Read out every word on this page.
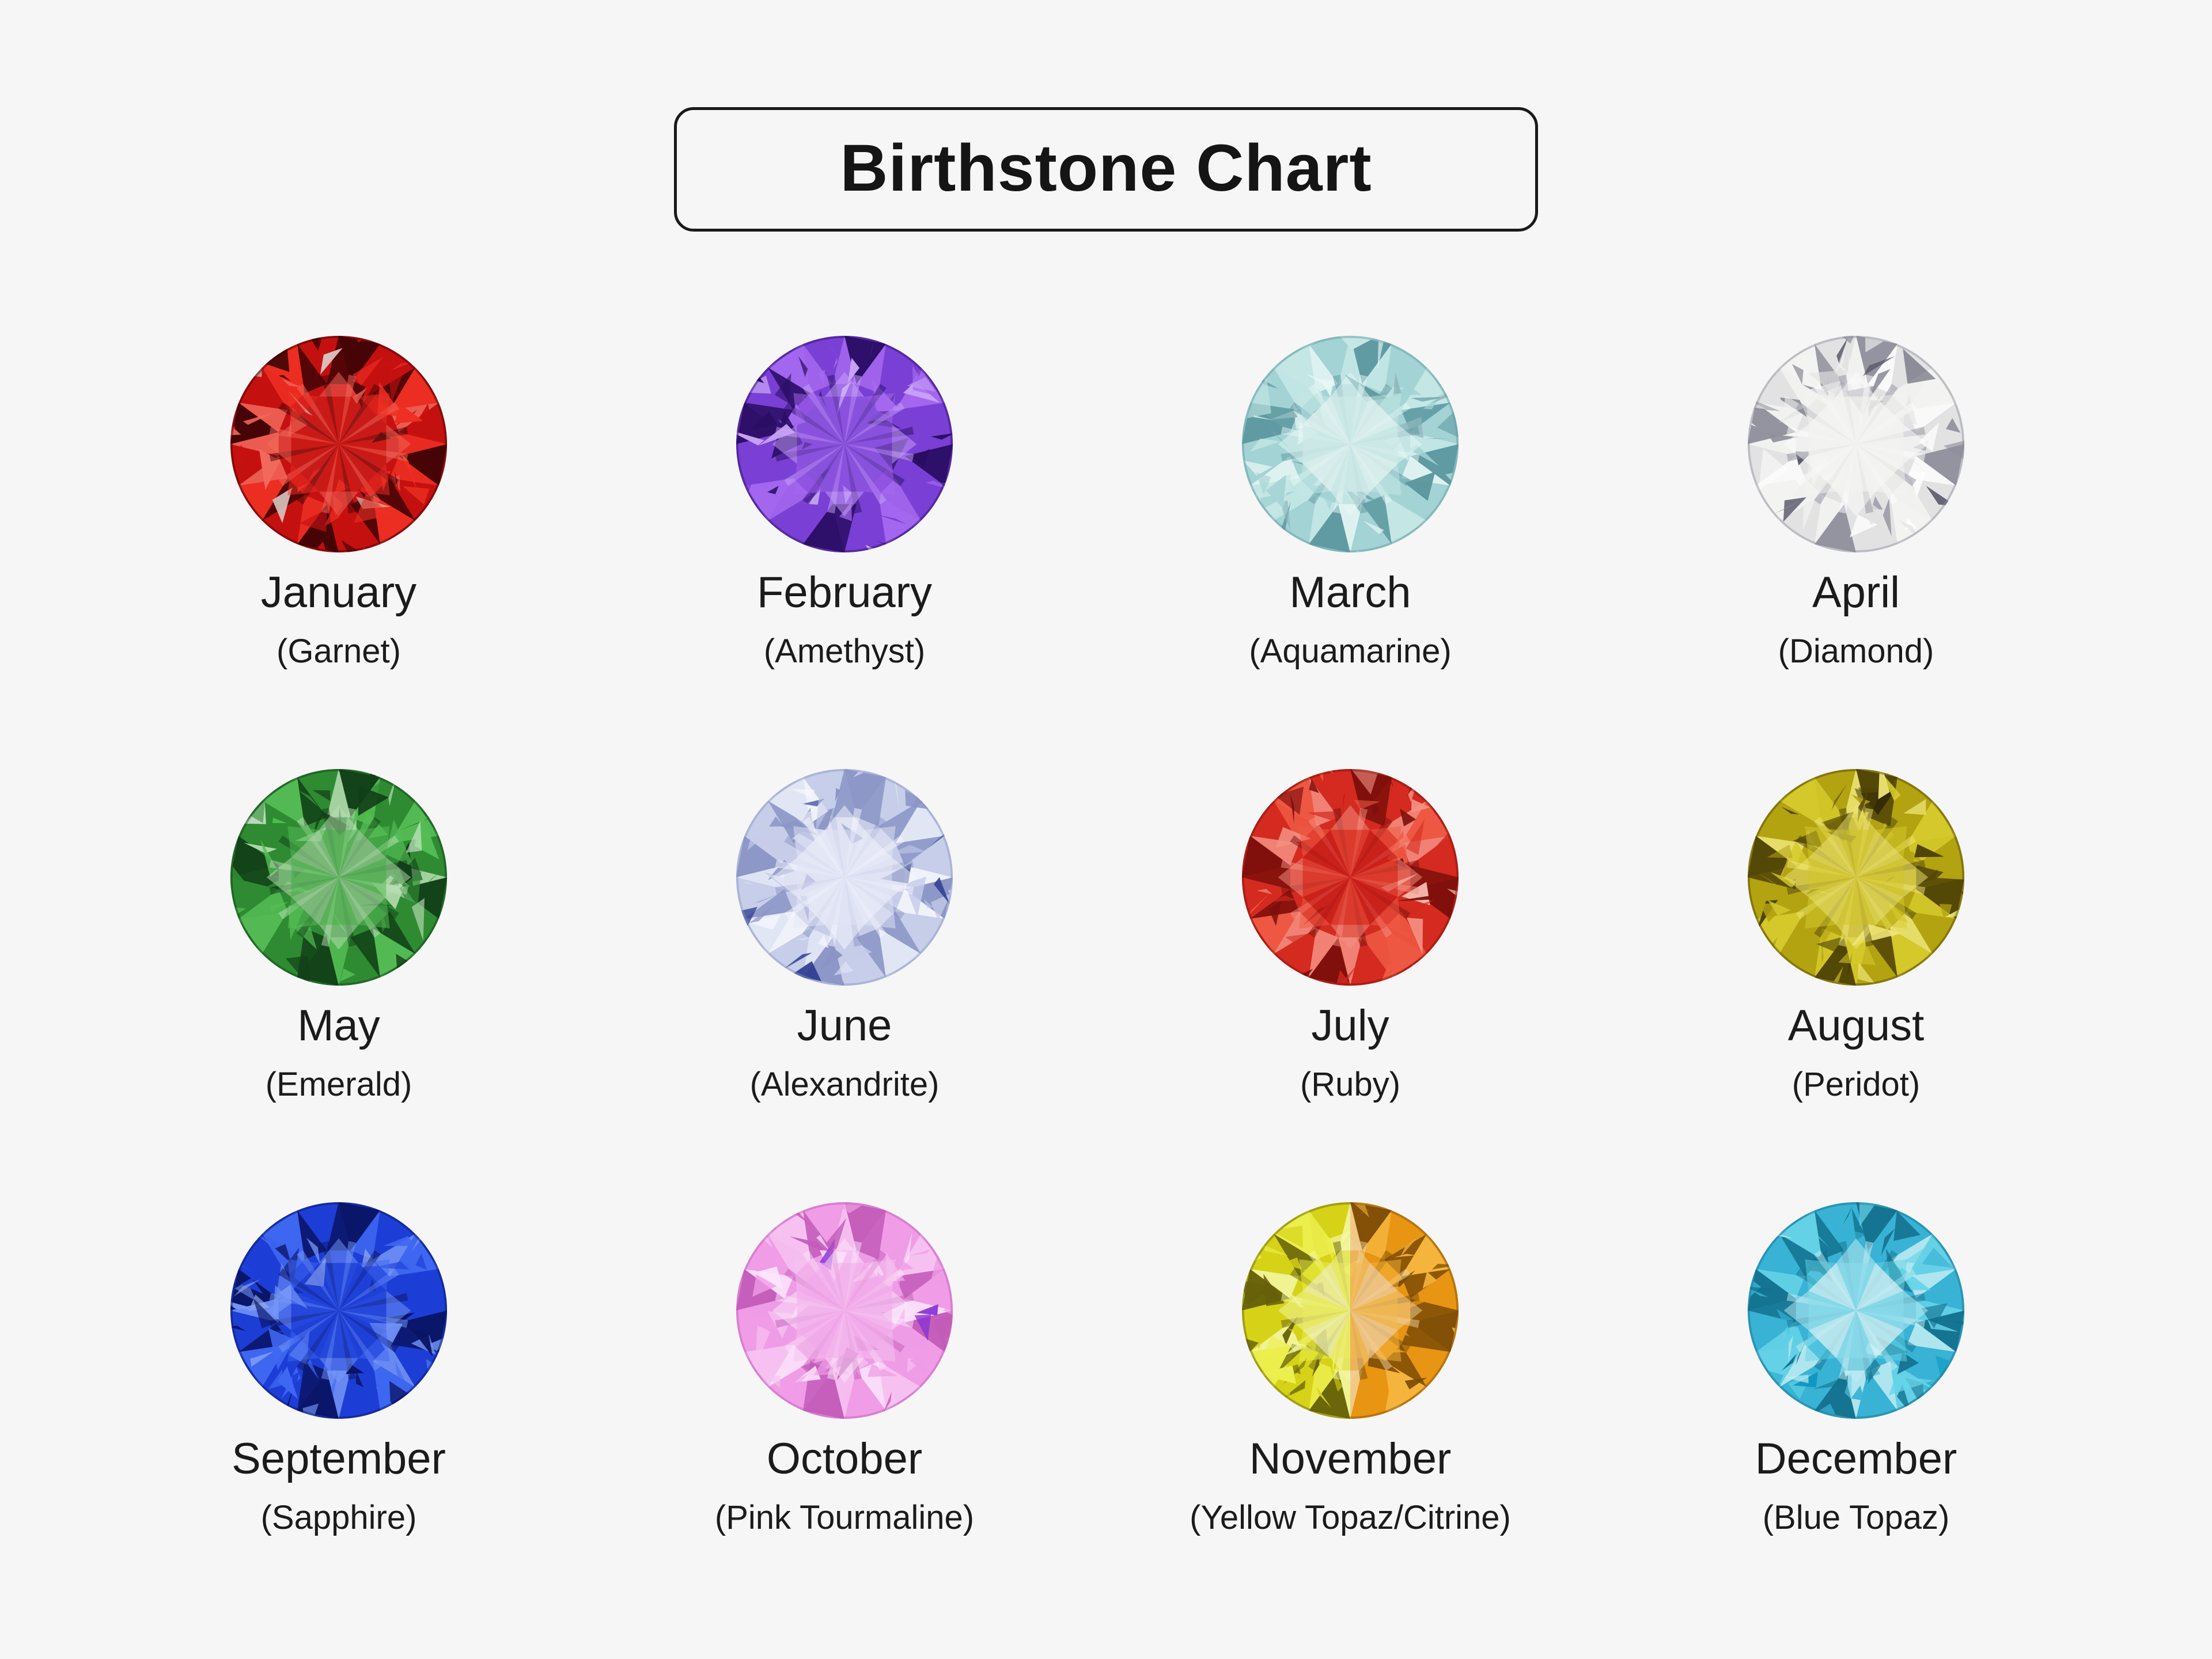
Birthstone Chart
January
(Garnet)
February
(Amethyst)
March
(Aquamarine)
April
(Diamond)
May
(Emerald)
June
(Alexandrite)
July
(Ruby)
August
(Peridot)
September
(Sapphire)
October
(Pink Tourmaline)
November
(Yellow Topaz/Citrine)
December
(Blue Topaz)
